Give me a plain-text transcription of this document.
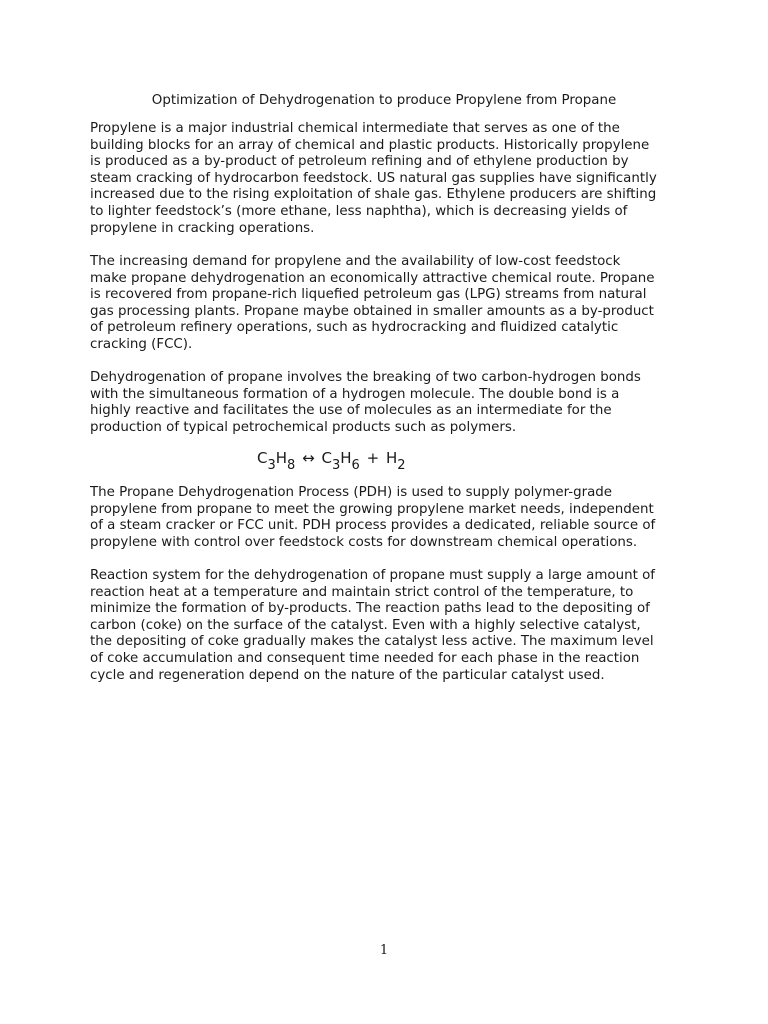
Optimization of Dehydrogenation to produce Propylene from Propane

Propylene is a major industrial chemical intermediate that serves as one of the
building blocks for an array of chemical and plastic products. Historically propylene
is produced as a by-product of petroleum refining and of ethylene production by
steam cracking of hydrocarbon feedstock. US natural gas supplies have significantly
increased due to the rising exploitation of shale gas. Ethylene producers are shifting
to lighter feedstock’s (more ethane, less naphtha), which is decreasing yields of
propylene in cracking operations.

The increasing demand for propylene and the availability of low-cost feedstock
make propane dehydrogenation an economically attractive chemical route. Propane
is recovered from propane-rich liquefied petroleum gas (LPG) streams from natural
gas processing plants. Propane maybe obtained in smaller amounts as a by-product
of petroleum refinery operations, such as hydrocracking and fluidized catalytic
cracking (FCC).

Dehydrogenation of propane involves the breaking of two carbon-hydrogen bonds
with the simultaneous formation of a hydrogen molecule. The double bond is a
highly reactive and facilitates the use of molecules as an intermediate for the
production of typical petrochemical products such as polymers.

C3H8 ↔ C3H6 + H2

The Propane Dehydrogenation Process (PDH) is used to supply polymer-grade
propylene from propane to meet the growing propylene market needs, independent
of a steam cracker or FCC unit. PDH process provides a dedicated, reliable source of
propylene with control over feedstock costs for downstream chemical operations.

Reaction system for the dehydrogenation of propane must supply a large amount of
reaction heat at a temperature and maintain strict control of the temperature, to
minimize the formation of by-products. The reaction paths lead to the depositing of
carbon (coke) on the surface of the catalyst. Even with a highly selective catalyst,
the depositing of coke gradually makes the catalyst less active. The maximum level
of coke accumulation and consequent time needed for each phase in the reaction
cycle and regeneration depend on the nature of the particular catalyst used.

1
